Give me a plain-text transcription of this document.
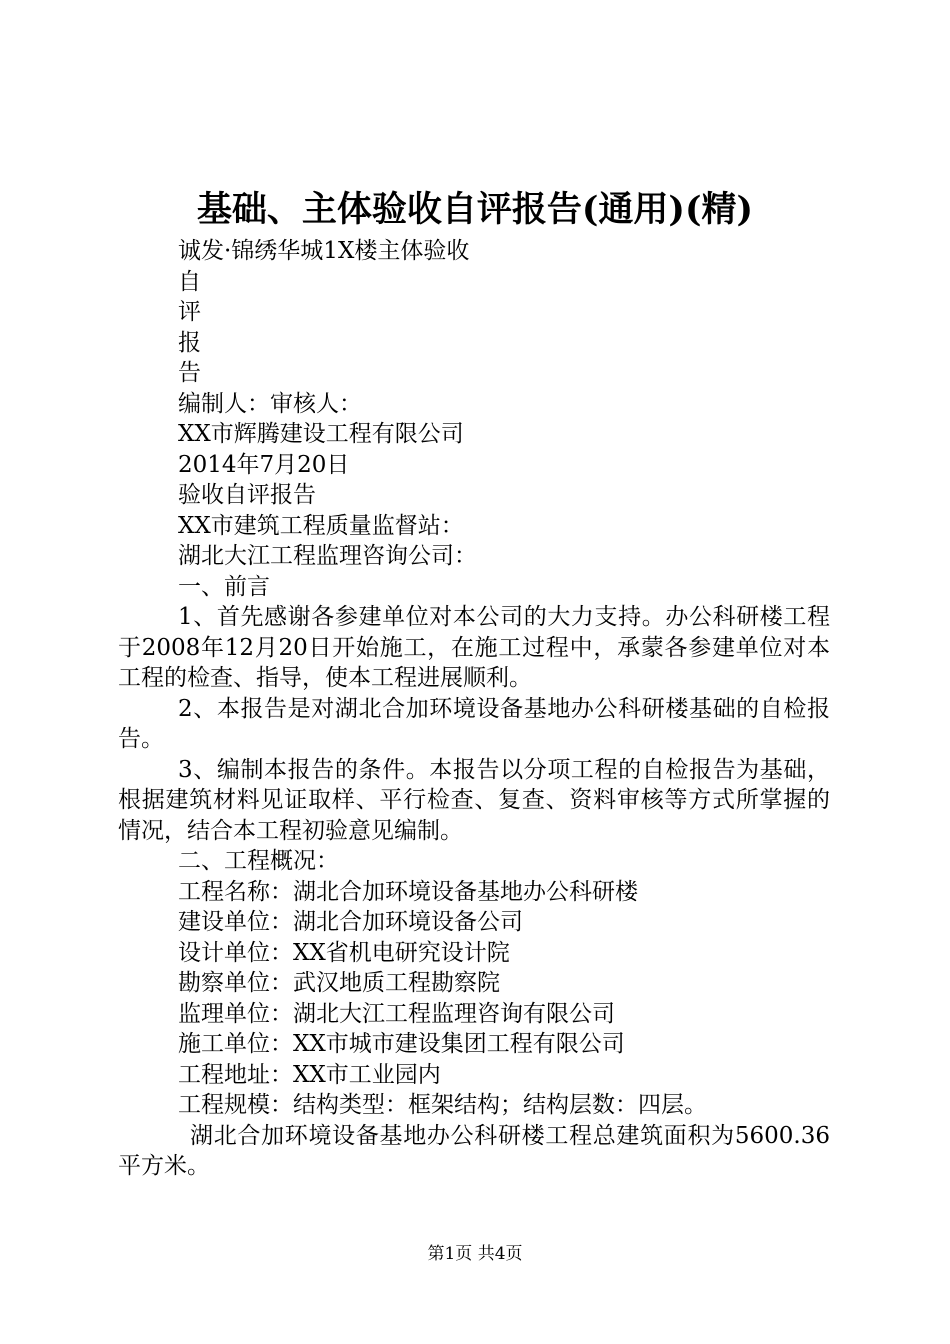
基础、主体验收自评报告(通用)(精)
诚发·锦绣华城1X楼主体验收
自
评
报
告
编制人：审核人：
XX市辉腾建设工程有限公司
2014年7月20日
验收自评报告
XX市建筑工程质量监督站：
湖北大江工程监理咨询公司：
一、前言
1、首先感谢各参建单位对本公司的大力支持。办公科研楼工程于2008年12月20日开始施工，在施工过程中，承蒙各参建单位对本工程的检查、指导，使本工程进展顺利。
2、本报告是对湖北合加环境设备基地办公科研楼基础的自检报告。
3、编制本报告的条件。本报告以分项工程的自检报告为基础，根据建筑材料见证取样、平行检查、复查、资料审核等方式所掌握的情况，结合本工程初验意见编制。
二、工程概况：
工程名称：湖北合加环境设备基地办公科研楼
建设单位：湖北合加环境设备公司
设计单位：XX省机电研究设计院
勘察单位：武汉地质工程勘察院
监理单位：湖北大江工程监理咨询有限公司
施工单位：XX市城市建设集团工程有限公司
工程地址：XX市工业园内
工程规模：结构类型：框架结构；结构层数：四层。
湖北合加环境设备基地办公科研楼工程总建筑面积为5600.36平方米。
第1页 共4页
